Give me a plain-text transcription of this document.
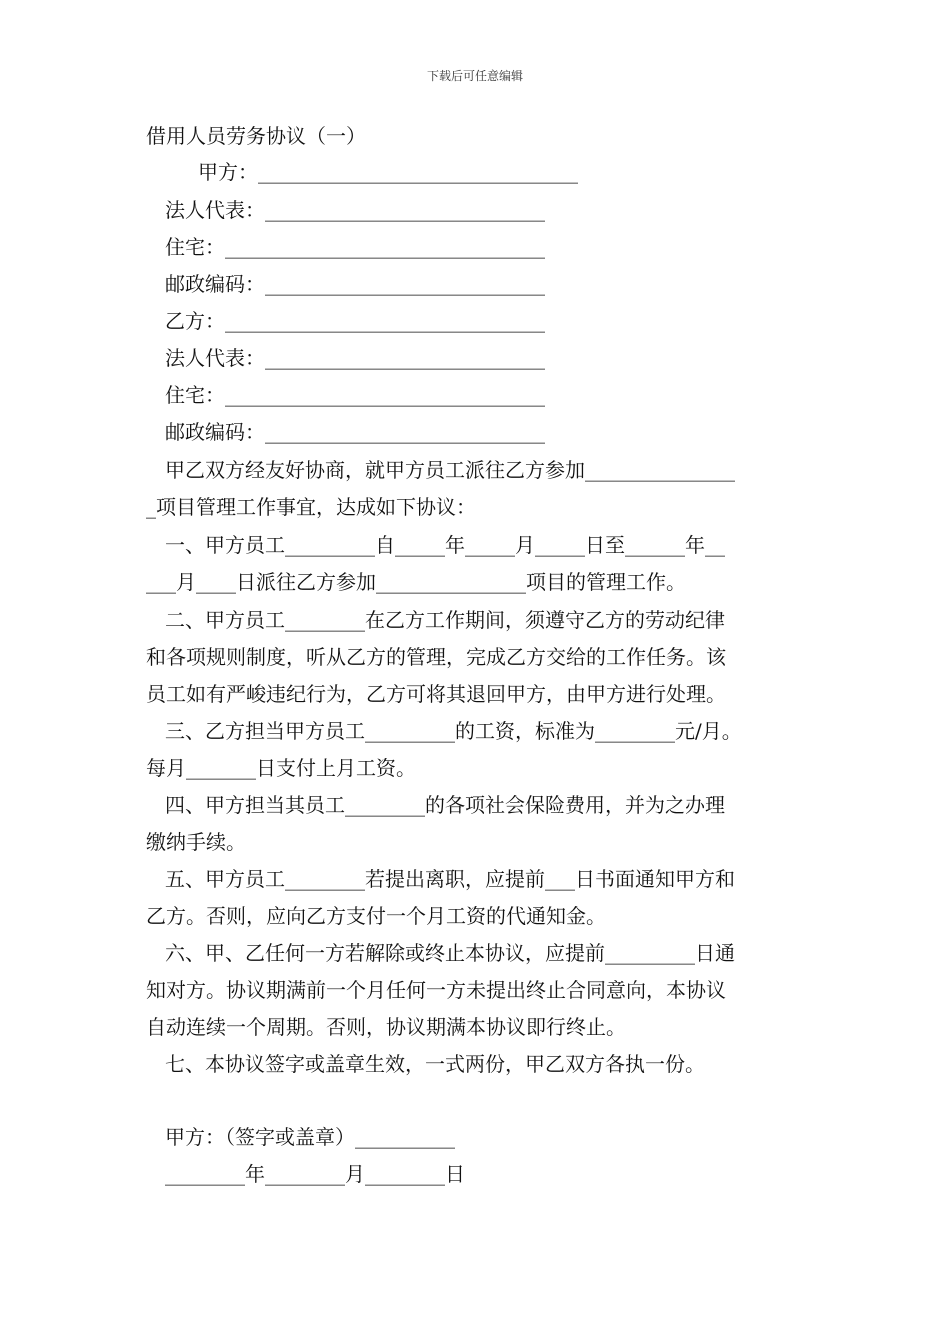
下载后可任意编辑
借用人员劳务协议（一）
甲方：________________________________
法人代表：____________________________
住宅：________________________________
邮政编码：____________________________
乙方：________________________________
法人代表：____________________________
住宅：________________________________
邮政编码：____________________________
甲乙双方经友好协商，就甲方员工派往乙方参加_______________
_项目管理工作事宜，达成如下协议：
一、甲方员工_________自_____年_____月_____日至______年__
___月____日派往乙方参加_______________项目的管理工作。
二、甲方员工________在乙方工作期间，须遵守乙方的劳动纪律
和各项规则制度，听从乙方的管理，完成乙方交给的工作任务。该
员工如有严峻违纪行为，乙方可将其退回甲方，由甲方进行处理。
三、乙方担当甲方员工_________的工资，标准为________元/月。
每月_______日支付上月工资。
四、甲方担当其员工________的各项社会保险费用，并为之办理
缴纳手续。
五、甲方员工________若提出离职，应提前___日书面通知甲方和
乙方。否则，应向乙方支付一个月工资的代通知金。
六、甲、乙任何一方若解除或终止本协议，应提前_________日通
知对方。协议期满前一个月任何一方未提出终止合同意向，本协议
自动连续一个周期。否则，协议期满本协议即行终止。
七、本协议签字或盖章生效，一式两份，甲乙双方各执一份。
甲方：（签字或盖章）__________
________年________月________日
